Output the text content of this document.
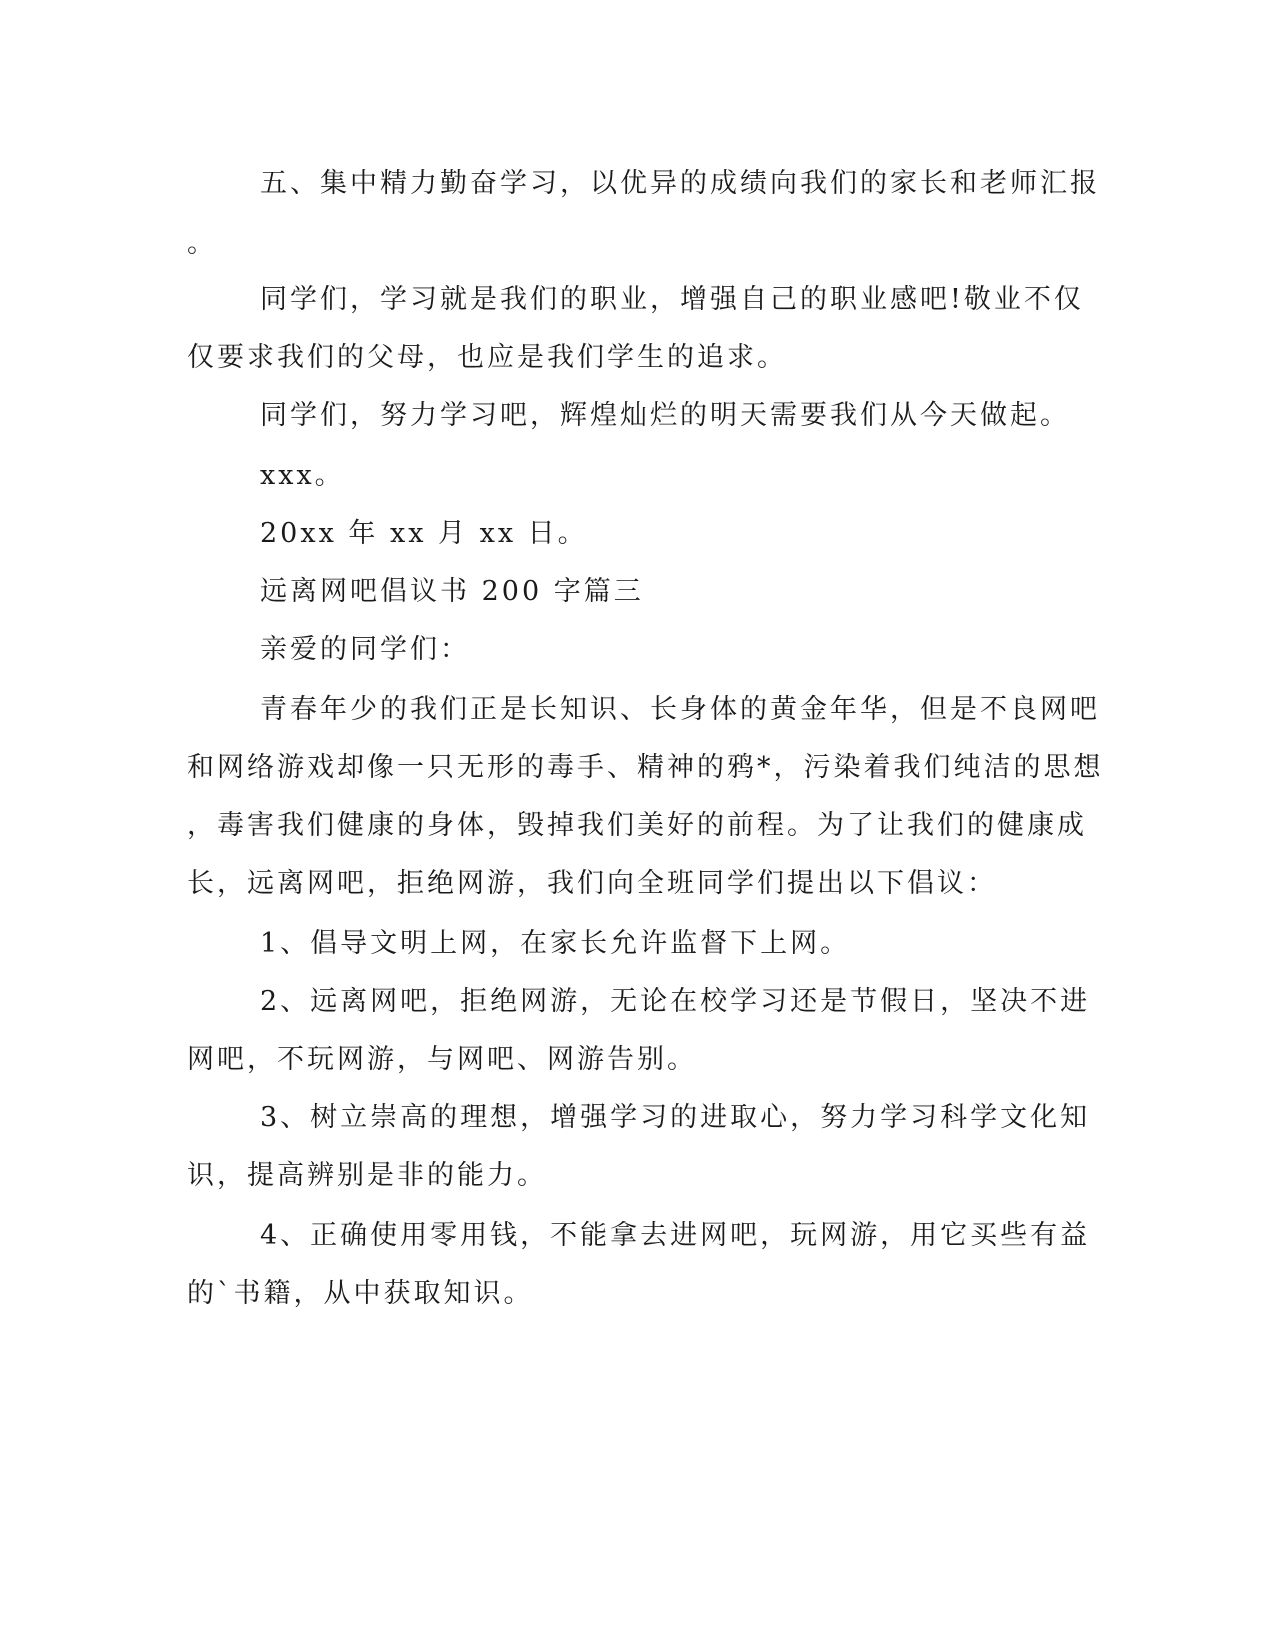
五、集中精力勤奋学习，以优异的成绩向我们的家长和老师汇报

。

同学们，学习就是我们的职业，增强自己的职业感吧!敬业不仅

仅要求我们的父母，也应是我们学生的追求。

同学们，努力学习吧，辉煌灿烂的明天需要我们从今天做起。

xxx。

20xx 年 xx 月 xx 日。

远离网吧倡议书 200 字篇三

亲爱的同学们：

青春年少的我们正是长知识、长身体的黄金年华，但是不良网吧

和网络游戏却像一只无形的毒手、精神的鸦*，污染着我们纯洁的思想

，毒害我们健康的身体，毁掉我们美好的前程。为了让我们的健康成

长，远离网吧，拒绝网游，我们向全班同学们提出以下倡议：

1、倡导文明上网，在家长允许监督下上网。

2、远离网吧，拒绝网游，无论在校学习还是节假日，坚决不进

网吧，不玩网游，与网吧、网游告别。

3、树立崇高的理想，增强学习的进取心，努力学习科学文化知

识，提高辨别是非的能力。

4、正确使用零用钱，不能拿去进网吧，玩网游，用它买些有益

的`书籍，从中获取知识。
